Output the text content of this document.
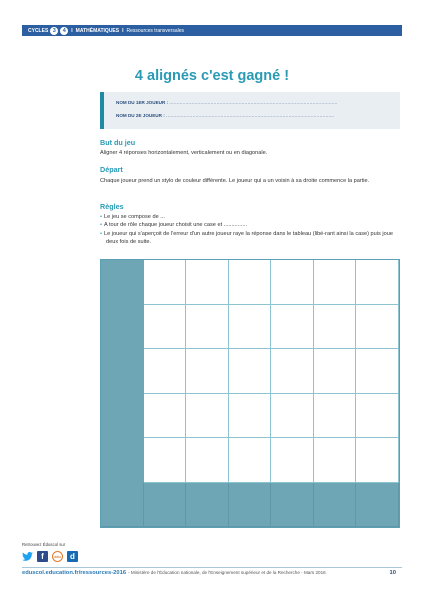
CYCLES 3	4	I MATHÉMATIQUES I Ressources transversales
4 alignés c'est gagné !
NOM DU 1ER JOUEUR : ..................................................................................................................
NOM DU 2E JOUEUR : ..................................................................................................................
But du jeu

Aligner 4 réponses horizontalement, verticalement ou en diagonale.

Départ

Chaque joueur prend un stylo de couleur différente. Le joueur qui a un voisin à sa droite commence la partie.

Règles
• Le jeu se compose de ...
• A tour de rôle chaque joueur choisit une case et ...............
• Le joueur qui s'aperçoit de l'erreur d'un autre joueur raye la réponse dans le tableau (libé-rant ainsi la case) puis joue deux fois de suite.
Retrouvez Éduscol sur
f	édu	d
eduscol.education.fr/ressources-2016 - Ministère de l'Éducation nationale, de l'Enseignement supérieur et de la Recherche - Mars 2016	10
